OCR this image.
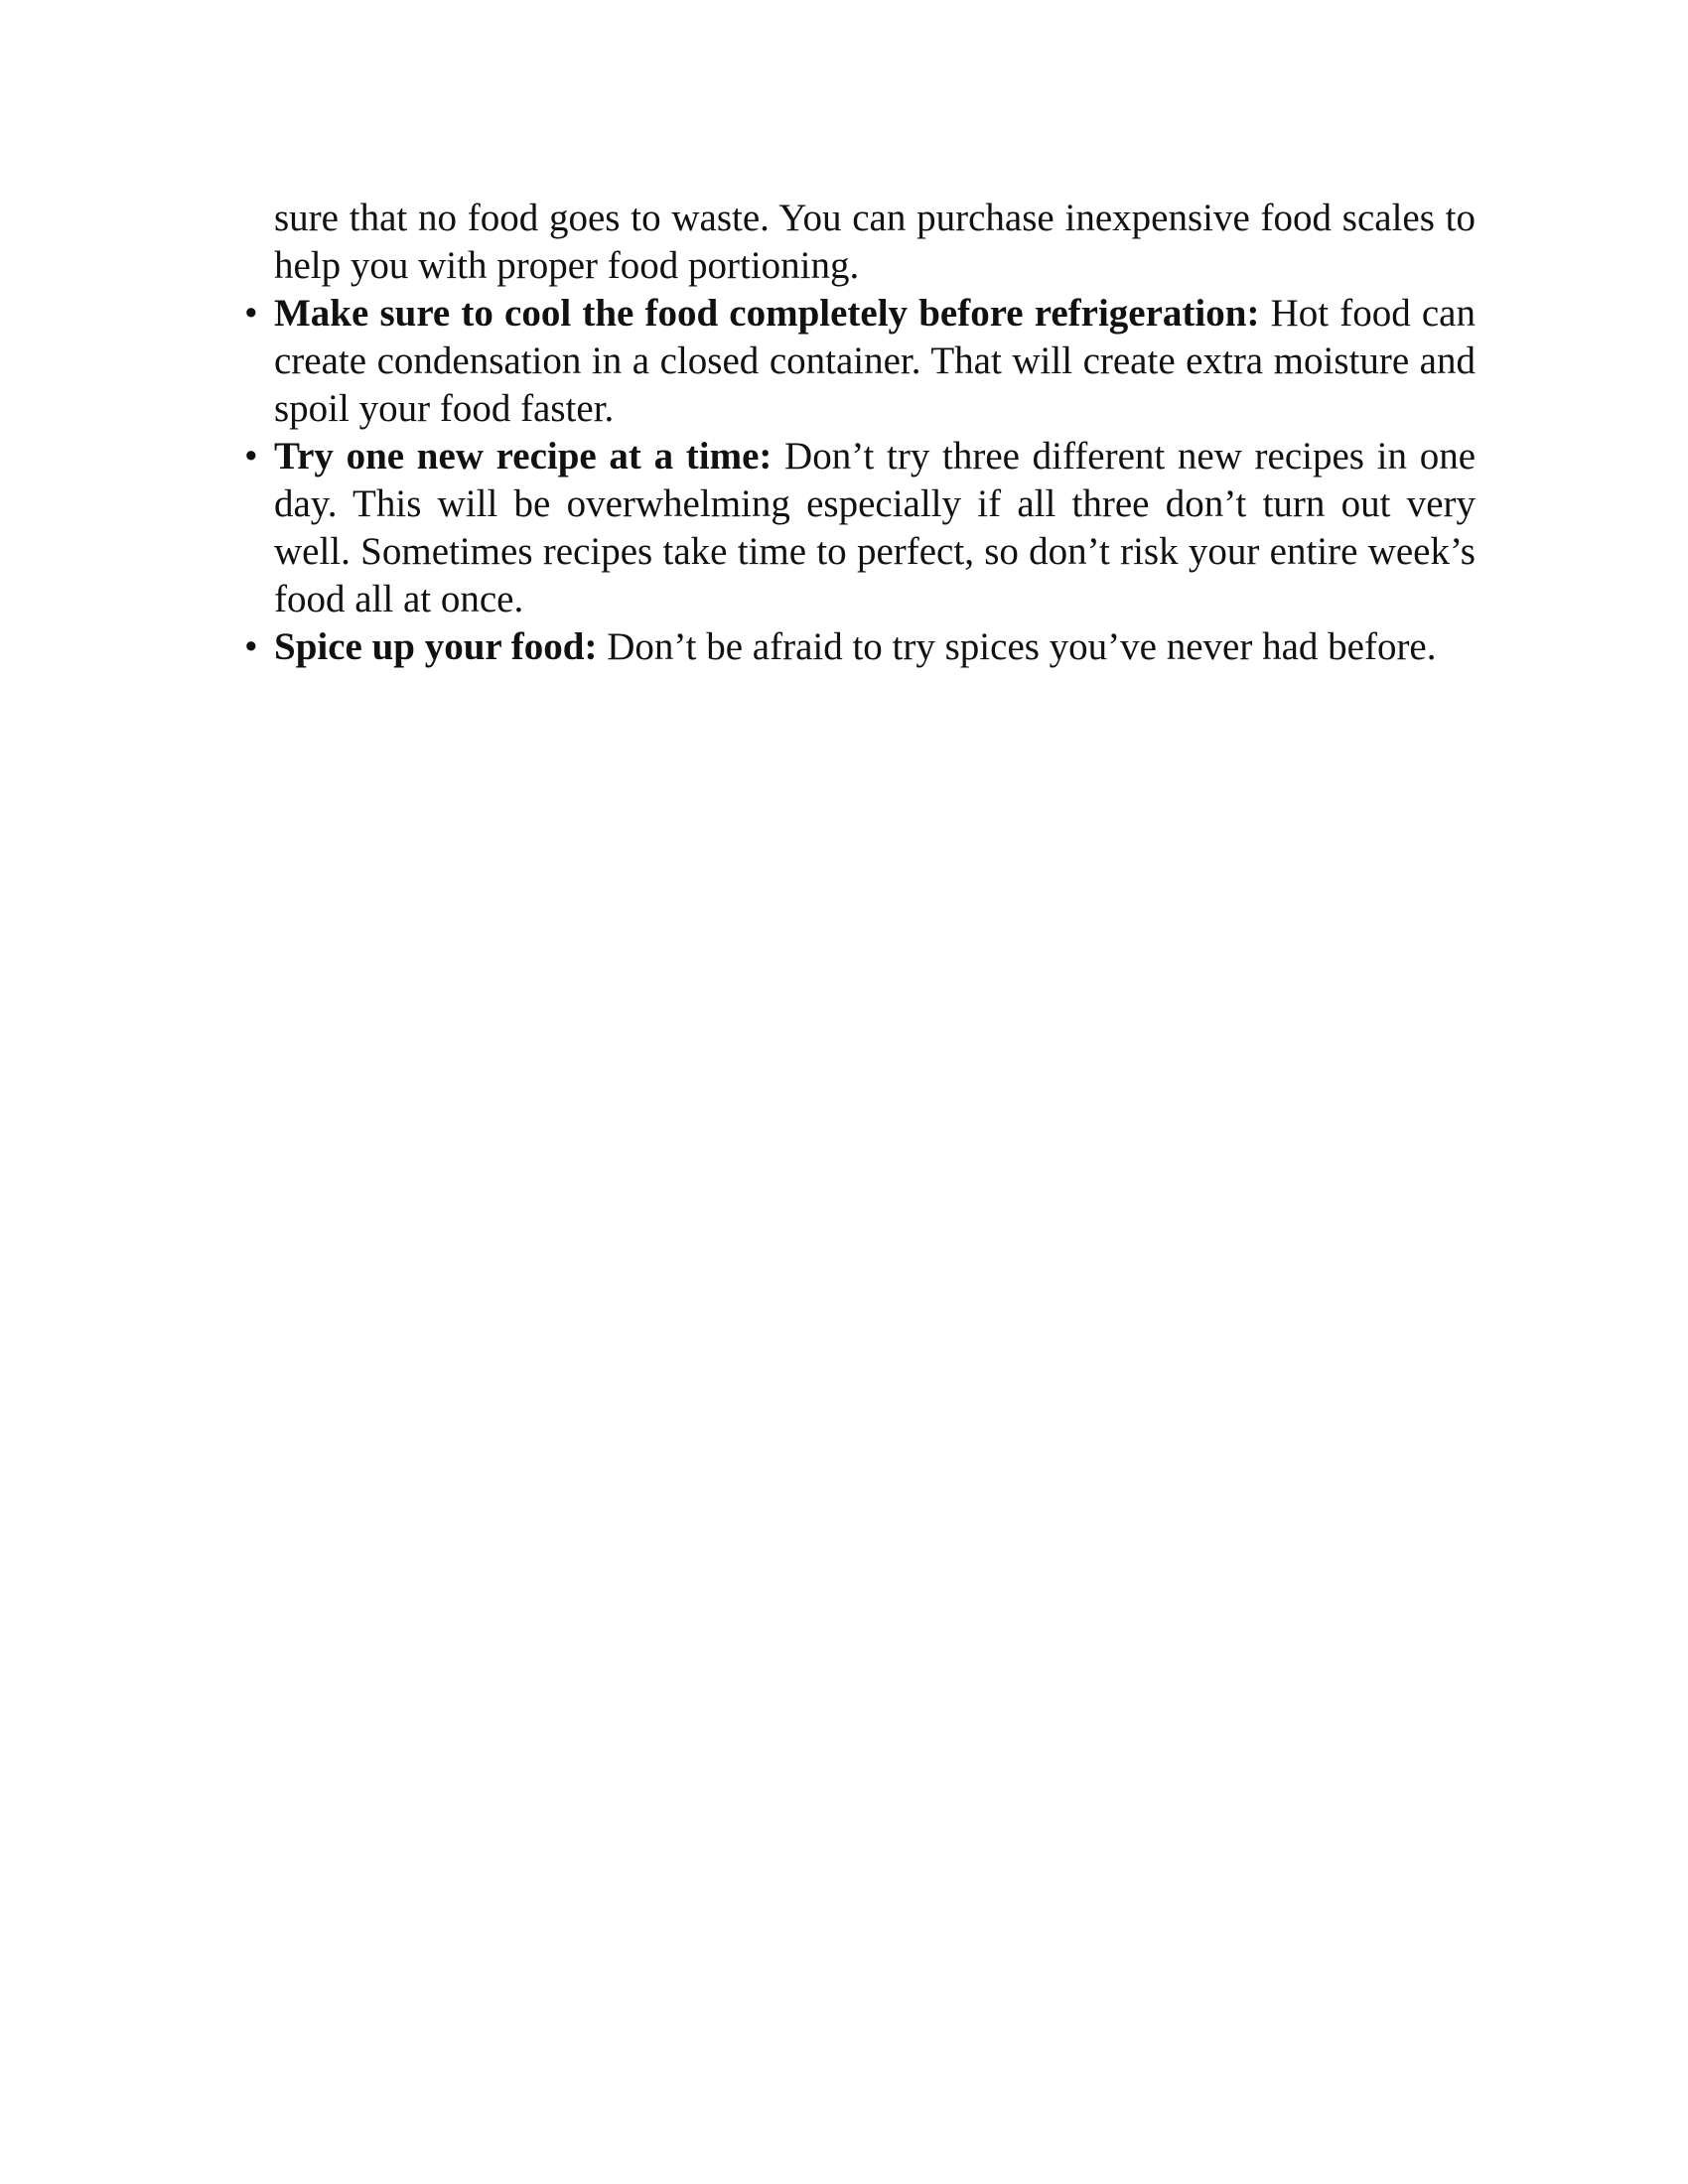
sure that no food goes to waste. You can purchase inexpensive food scales to help you with proper food portioning.

• Make sure to cool the food completely before refrigeration: Hot food can create condensation in a closed container. That will create extra moisture and spoil your food faster.

• Try one new recipe at a time: Don’t try three different new recipes in one day. This will be overwhelming especially if all three don’t turn out very well. Sometimes recipes take time to perfect, so don’t risk your entire week’s food all at once.

• Spice up your food: Don’t be afraid to try spices you’ve never had before.
